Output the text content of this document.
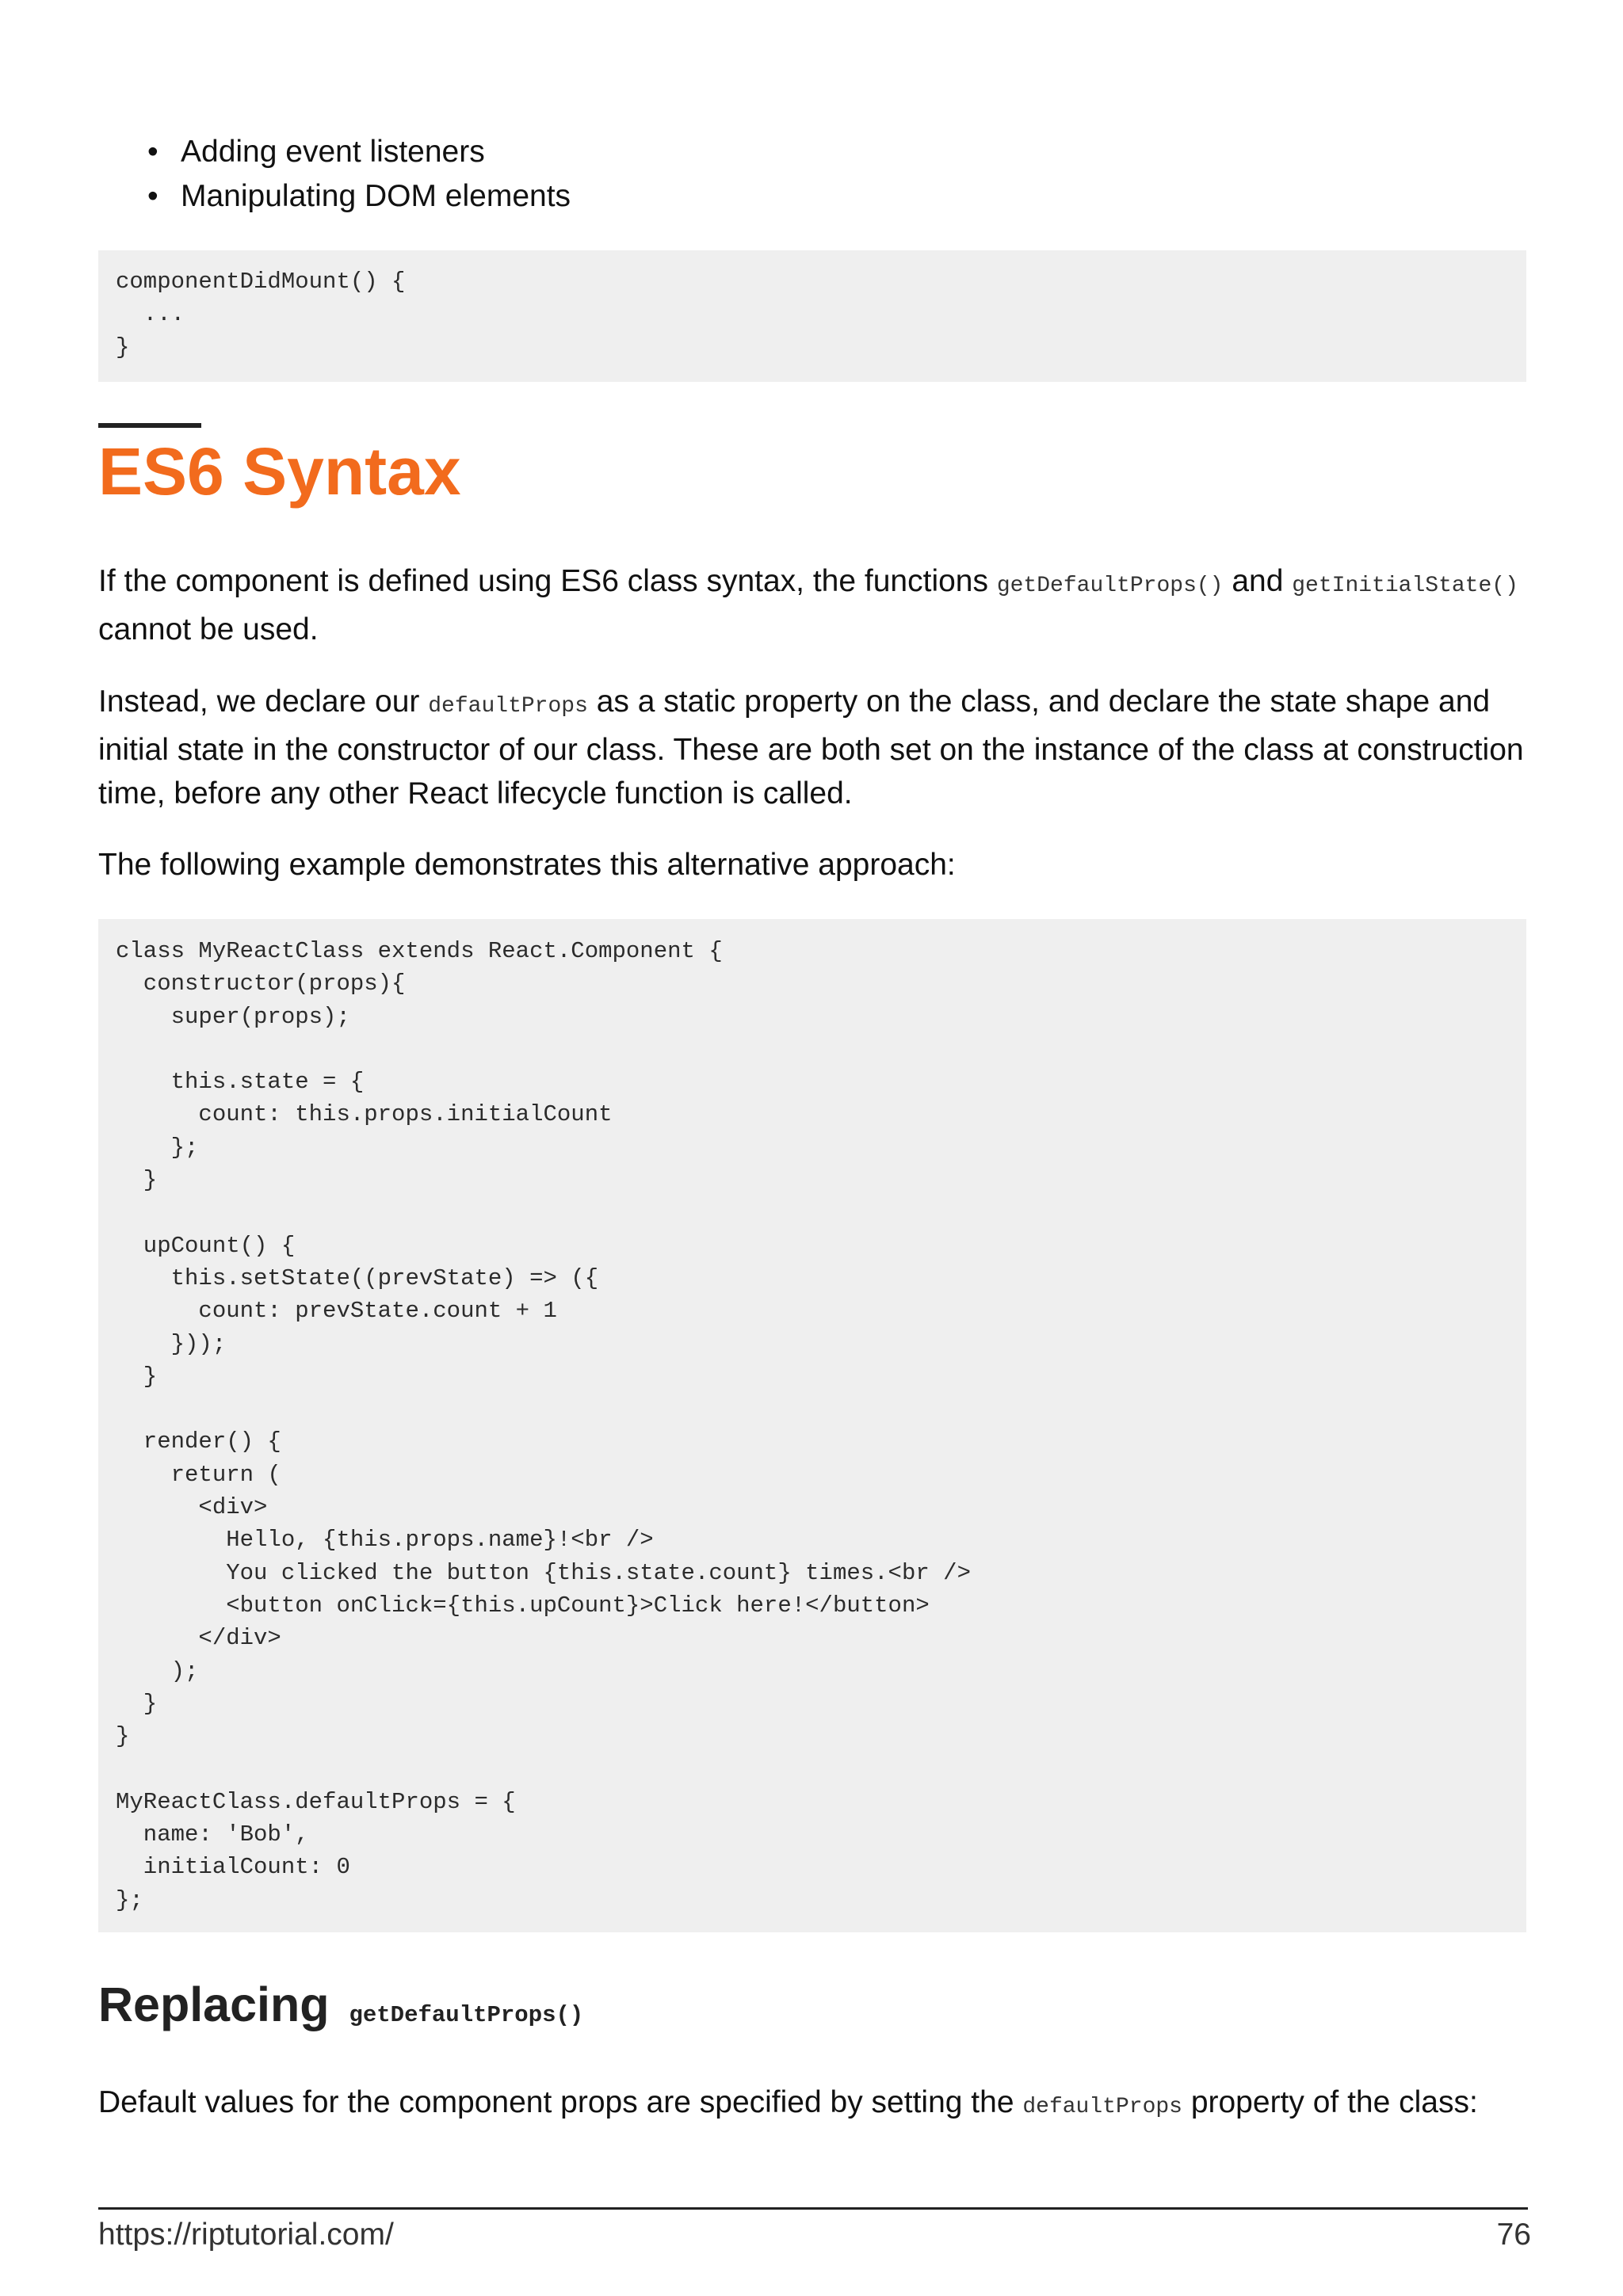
• Adding event listeners
• Manipulating DOM elements
componentDidMount() {
...
}
ES6 Syntax

If the component is defined using ES6 class syntax, the functions getDefaultProps() and getInitialState() cannot be used.

Instead, we declare our defaultProps as a static property on the class, and declare the state shape and initial state in the constructor of our class. These are both set on the instance of the class at construction time, before any other React lifecycle function is called.

The following example demonstrates this alternative approach:

class MyReactClass extends React.Component {
constructor(props){
super(props);

this.state = {
count: this.props.initialCount
};
}

upCount() {
this.setState((prevState) => ({
count: prevState.count + 1
}));
}

render() {
return (
<div>
Hello, {this.props.name}!<br />
You clicked the button {this.state.count} times.<br />
<button onClick={this.upCount}>Click here!</button>
</div>
);
}
}

MyReactClass.defaultProps = {
name: 'Bob',
initialCount: 0
};
Replacing getDefaultProps()

Default values for the component props are specified by setting the defaultProps property of the class:

https://riptutorial.com/	76
